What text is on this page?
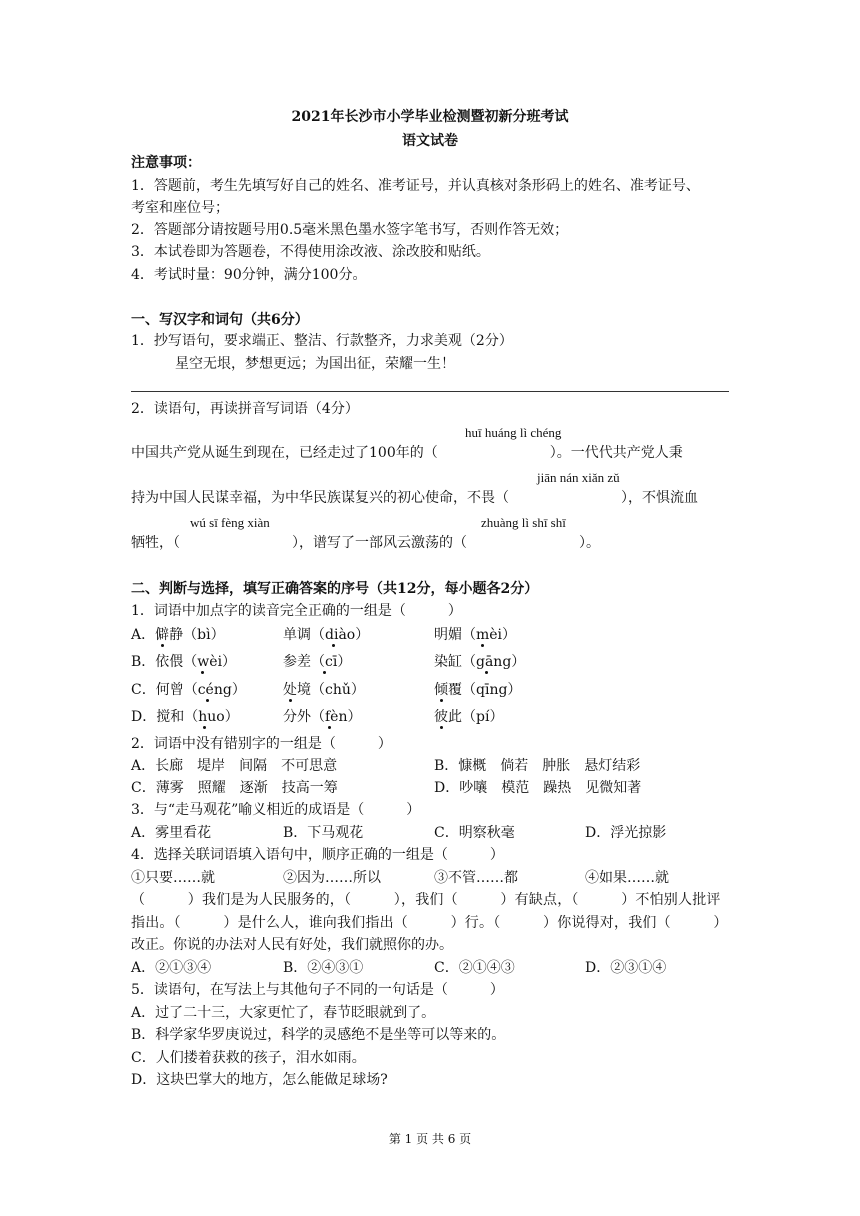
2021年长沙市小学毕业检测暨初新分班考试
语文试卷
注意事项：
1．答题前，考生先填写好自己的姓名、准考证号，并认真核对条形码上的姓名、准考证号、
考室和座位号；
2．答题部分请按题号用0.5毫米黑色墨水签字笔书写，否则作答无效；
3．本试卷即为答题卷，不得使用涂改液、涂改胶和贴纸。
4．考试时量：90分钟，满分100分。
一、写汉字和词句（共6分）
1．抄写语句，要求端正、整洁、行款整齐，力求美观（2分）
星空无垠，梦想更远；为国出征，荣耀一生！
2．读语句，再读拼音写词语（4分）
huī huáng lì chéng
中国共产党从诞生到现在，已经走过了100年的（　　　　　　　　）。一代代共产党人秉
jiān nán xiǎn zǔ
持为中国人民谋幸福，为中华民族谋复兴的初心使命，不畏（　　　　　　　　），不惧流血
wú sī fèng xiàn	zhuàng lì shī shī
牺牲，（　　　　　　　　），谱写了一部风云激荡的（　　　　　　　　）。
二、判断与选择，填写正确答案的序号（共12分，每小题各2分）
1．词语中加点字的读音完全正确的一组是（　　　）
A．僻静（bì）	单调（diào）	明媚（mèi）
B．依偎（wèi）	参差（cī）	染缸（gāng）
C．何曾（céng）	处境（chǔ）	倾覆（qīng）
D．搅和（huo）	分外（fèn）	彼此（pí）
2．词语中没有错别字的一组是（　　　）
A．长廊　堤岸　间隔　不可思意	B．慷概　倘若　肿胀　悬灯结彩
C．薄雾　照耀　逐渐　技高一筹	D．吵嚷　模范　躁热　见微知著
3．与“走马观花”喻义相近的成语是（　　　）
A．雾里看花	B．下马观花	C．明察秋毫	D．浮光掠影
4．选择关联词语填入语句中，顺序正确的一组是（　　　）
①只要……就	②因为……所以	③不管……都	④如果……就
（　　　）我们是为人民服务的，（　　　），我们（　　　）有缺点，（　　　）不怕别人批评
指出。（　　　）是什么人，谁向我们指出（　　　）行。（　　　）你说得对，我们（　　　）
改正。你说的办法对人民有好处，我们就照你的办。
A．②①③④	B．②④③①	C．②①④③	D．②③①④
5．读语句，在写法上与其他句子不同的一句话是（　　　）
A．过了二十三，大家更忙了，春节眨眼就到了。
B．科学家华罗庚说过，科学的灵感绝不是坐等可以等来的。
C．人们搂着获救的孩子，泪水如雨。
D．这块巴掌大的地方，怎么能做足球场?
第 1 页 共 6 页
